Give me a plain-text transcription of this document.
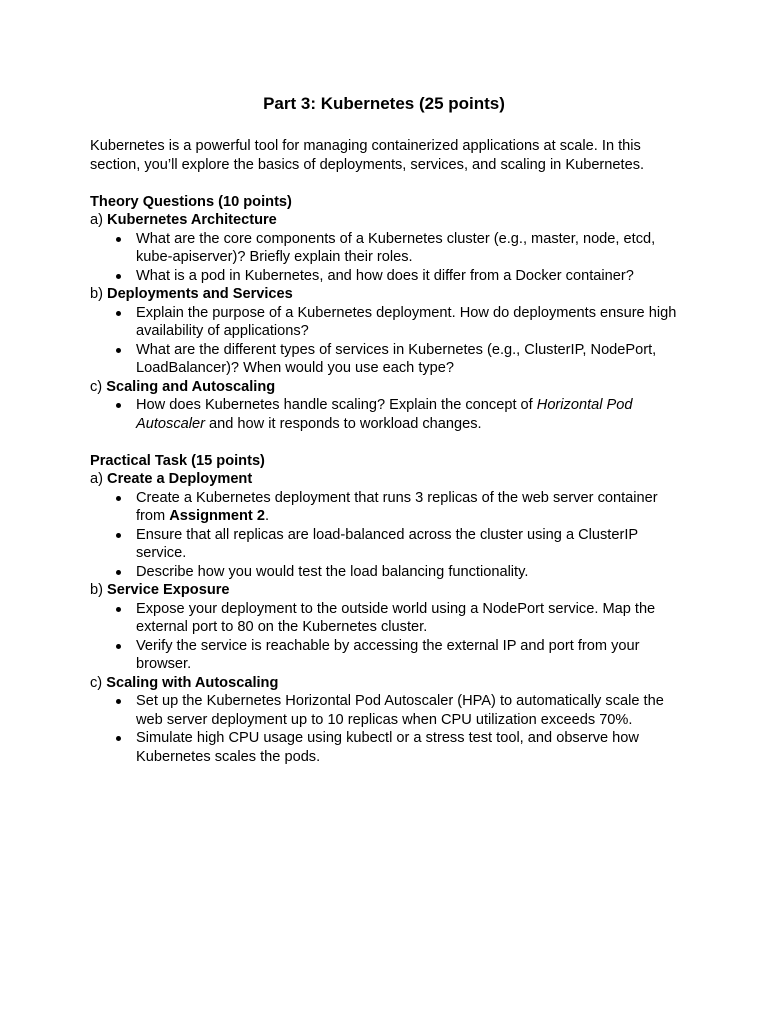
Part 3: Kubernetes (25 points)

Kubernetes is a powerful tool for managing containerized applications at scale. In this section, you’ll explore the basics of deployments, services, and scaling in Kubernetes.

Theory Questions (10 points)

a) Kubernetes Architecture

What are the core components of a Kubernetes cluster (e.g., master, node, etcd, kube-apiserver)? Briefly explain their roles.
What is a pod in Kubernetes, and how does it differ from a Docker container?

b) Deployments and Services

Explain the purpose of a Kubernetes deployment. How do deployments ensure high availability of applications?
What are the different types of services in Kubernetes (e.g., ClusterIP, NodePort, LoadBalancer)? When would you use each type?

c) Scaling and Autoscaling

How does Kubernetes handle scaling? Explain the concept of Horizontal Pod Autoscaler and how it responds to workload changes.

Practical Task (15 points)

a) Create a Deployment

Create a Kubernetes deployment that runs 3 replicas of the web server container from Assignment 2.
Ensure that all replicas are load-balanced across the cluster using a ClusterIP service.
Describe how you would test the load balancing functionality.

b) Service Exposure

Expose your deployment to the outside world using a NodePort service. Map the external port to 80 on the Kubernetes cluster.
Verify the service is reachable by accessing the external IP and port from your browser.

c) Scaling with Autoscaling

Set up the Kubernetes Horizontal Pod Autoscaler (HPA) to automatically scale the web server deployment up to 10 replicas when CPU utilization exceeds 70%.
Simulate high CPU usage using kubectl or a stress test tool, and observe how Kubernetes scales the pods.
